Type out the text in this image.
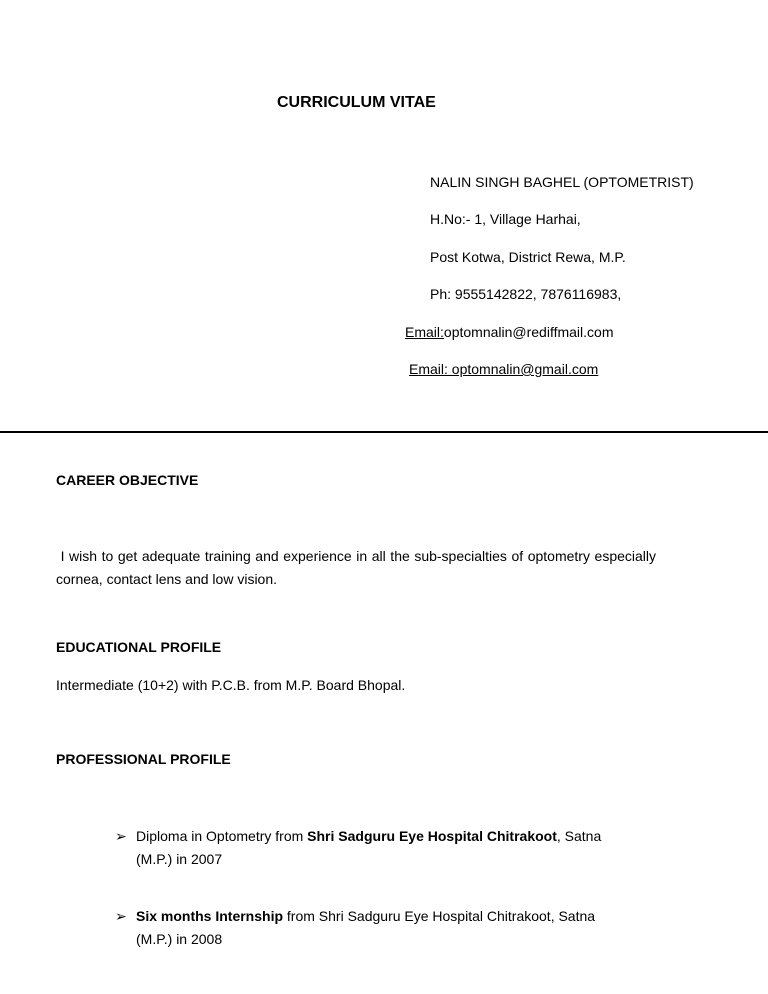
CURRICULUM VITAE
NALIN SINGH BAGHEL (OPTOMETRIST)
H.No:- 1, Village Harhai,
Post Kotwa, District Rewa, M.P.
Ph: 9555142822, 7876116983,
Email:optomnalin@rediffmail.com
Email: optomnalin@gmail.com
CAREER OBJECTIVE
I wish to get adequate training and experience in all the sub-specialties of optometry especially cornea, contact lens and low vision.
EDUCATIONAL PROFILE
Intermediate (10+2) with P.C.B. from M.P. Board Bhopal.
PROFESSIONAL PROFILE
➢ Diploma in Optometry from Shri Sadguru Eye Hospital Chitrakoot, Satna
(M.P.) in 2007
➢ Six months Internship from Shri Sadguru Eye Hospital Chitrakoot, Satna
(M.P.) in 2008
